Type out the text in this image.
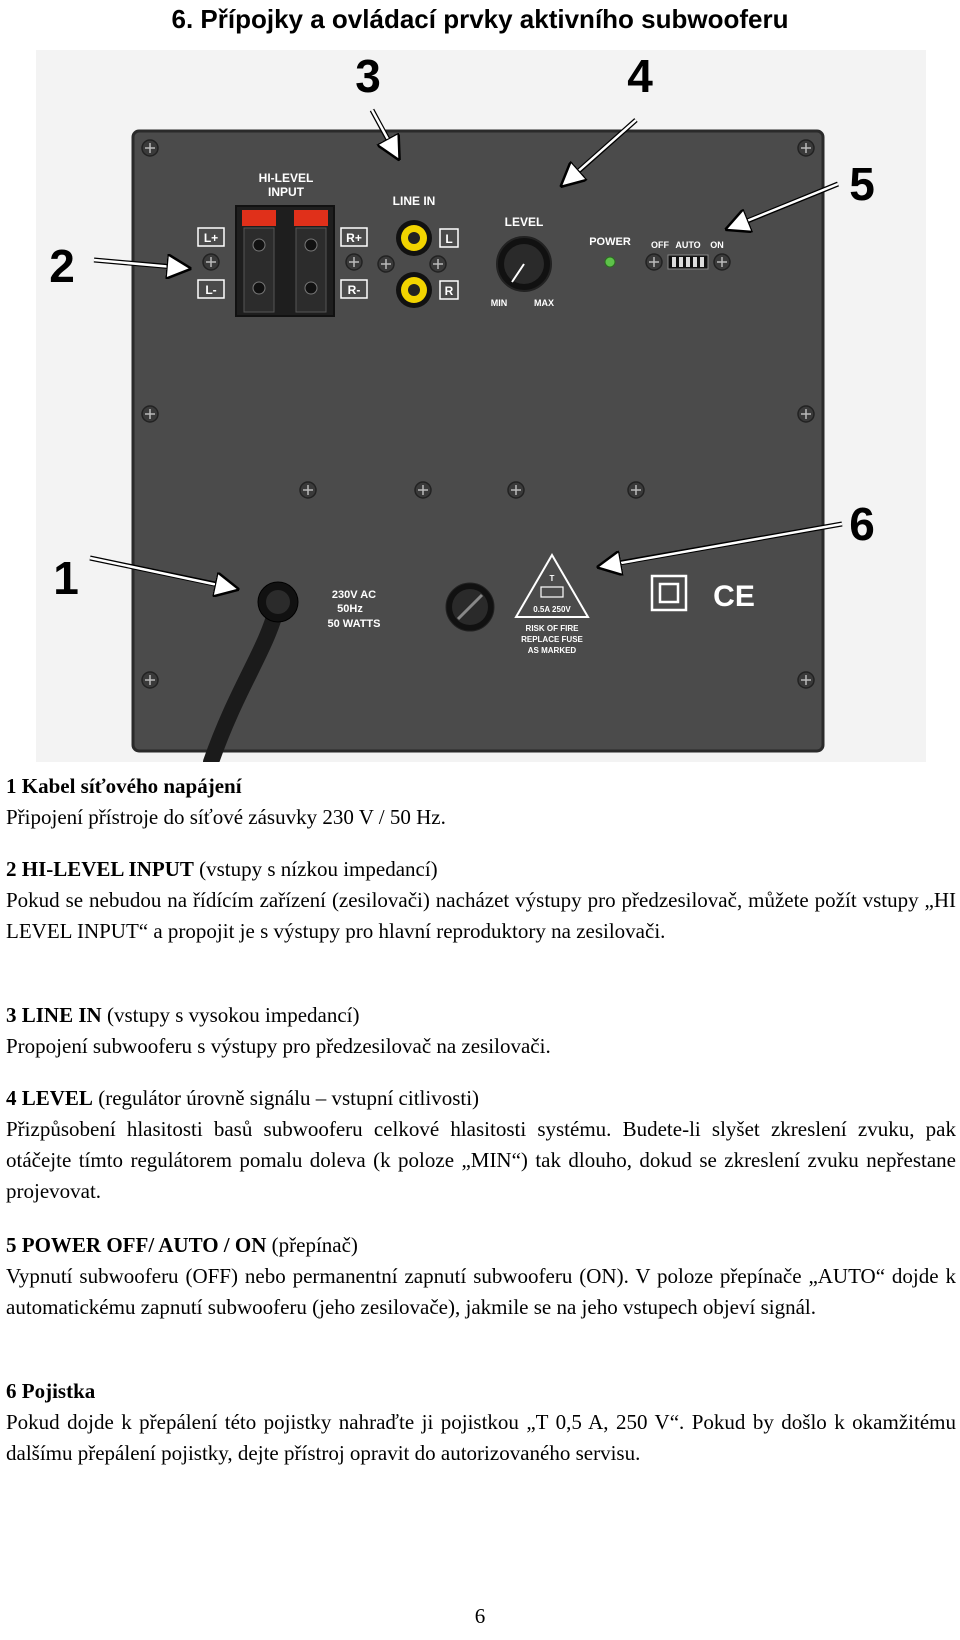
6. Přípojky a ovládací prvky aktivního subwooferu
HI-LEVEL
INPUT
L+
L-
R+
R-
LINE IN
L
R
LEVEL
MIN	MAX
POWER OFF AUTO ON
230V AC
50Hz
50 WATTS
T
0.5A 250V
RISK OF FIRE
REPLACE FUSE
AS MARKED
CE
1
2
3	4
5
6
1 Kabel síťového napájení
Připojení přístroje do síťové zásuvky 230 V / 50 Hz.
2 HI-LEVEL INPUT (vstupy s nízkou impedancí)
Pokud se nebudou na řídícím zařízení (zesilovači) nacházet výstupy pro předzesilovač, můžete požít vstupy „HI LEVEL INPUT“ a propojit je s výstupy pro hlavní reproduktory na zesilovači.
3 LINE IN (vstupy s vysokou impedancí)
Propojení subwooferu s výstupy pro předzesilovač na zesilovači.
4 LEVEL (regulátor úrovně signálu – vstupní citlivosti)
Přizpůsobení hlasitosti basů subwooferu celkové hlasitosti systému. Budete-li slyšet zkreslení zvuku, pak otáčejte tímto regulátorem pomalu doleva (k poloze „MIN“) tak dlouho, dokud se zkreslení zvuku nepřestane projevovat.
5 POWER OFF/ AUTO / ON (přepínač)
Vypnutí subwooferu (OFF) nebo permanentní zapnutí subwooferu (ON). V poloze přepínače „AUTO“ dojde k automatickému zapnutí subwooferu (jeho zesilovače), jakmile se na jeho vstupech objeví signál.
6 Pojistka
Pokud dojde k přepálení této pojistky nahraďte ji pojistkou „T 0,5 A, 250 V“. Pokud by došlo k okamžitému dalšímu přepálení pojistky, dejte přístroj opravit do autorizovaného servisu.
6
